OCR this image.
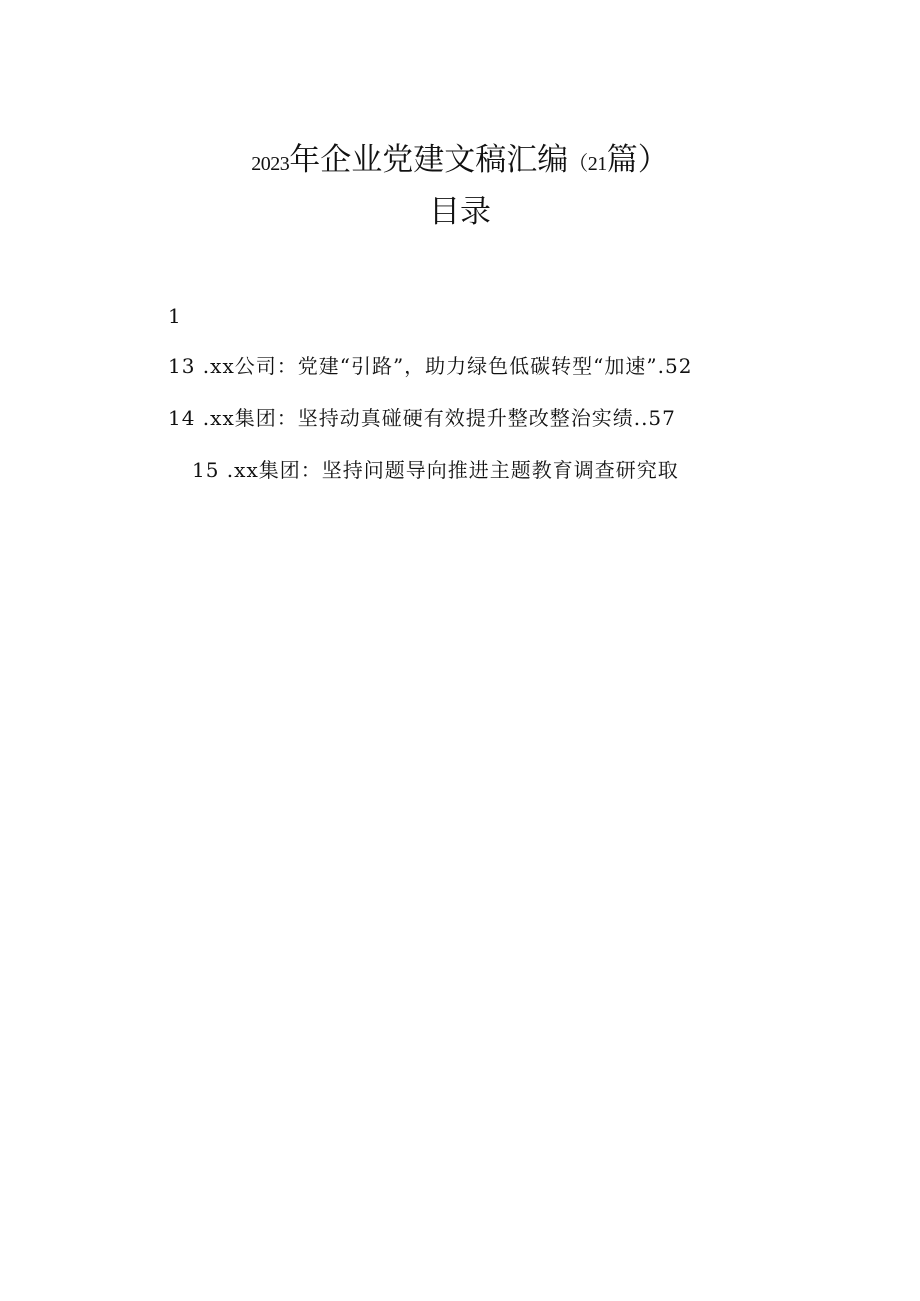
2023年企业党建文稿汇编（21篇）
目录
1
13 .xx公司：党建“引路”，助力绿色低碳转型“加速”.52
14 .xx集团：坚持动真碰硬有效提升整改整治实绩..57
15 .xx集团：坚持问题导向推进主题教育调查研究取
